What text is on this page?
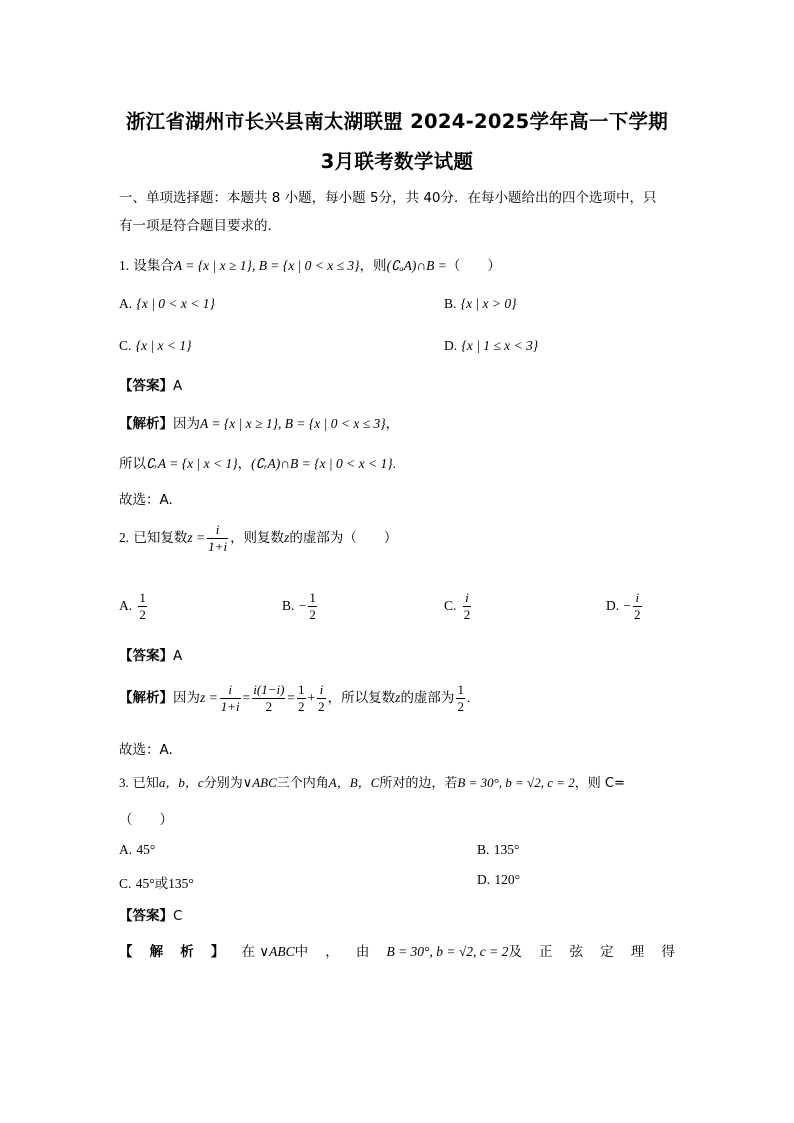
浙江省湖州市长兴县南太湖联盟 2024-2025学年高一下学期
3月联考数学试题
一、单项选择题：本题共 8 小题，每小题 5分，共 40分．在每小题给出的四个选项中，只
有一项是符合题目要求的．
1. 设集合A = {x | x ≥ 1}, B = {x | 0 < x ≤ 3}，则(∁ₐA)∩B =（　　）
A. {x | 0 < x < 1}	B. {x | x > 0}
C. {x | x < 1}	D. {x | 1 ≤ x < 3}
【答案】A
【解析】因为A = {x | x ≥ 1}, B = {x | 0 < x ≤ 3}，
所以∁ᵣA = {x | x < 1}，(∁ᵣA)∩B = {x | 0 < x < 1}.
故选：A.
2. 已知复数$z = \frac{i}{1+i}$ ，则复数z的虚部为（　　）
A. $\frac{1}{2}$	B. − $\frac{1}{2}$	C. $\frac{i}{2}$	D. − $\frac{i}{2}$
【答案】A
【解析】因为$z = \frac{i}{1+i} = \frac{i(1-i)}{2} = \frac{1}{2} + \frac{i}{2}$ ，所以复数z的虚部为 $\frac{1}{2}$ .
故选：A.
3. 已知a，b，c分别为∨ABC三个内角A，B，C所对的边，若B = 30°, b = √2, c = 2，则 C=
（　　）
A. 45°	B. 135°
C. 45°或135°	D. 120°
【答案】C
【 解 析 】 在 ∨ABC中 ， 由 B = 30°, b = √2, c = 2及 正 弦 定 理 得
